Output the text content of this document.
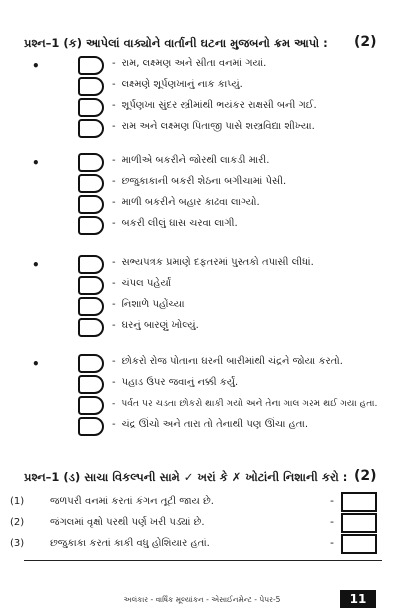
પ્રશ્ન–1 (ક) આપેલાં વાક્યોને વાર્તાની ઘટના મુજબનો ક્રમ આપો : (2)
•	- રામ, લક્ષ્મણ અને સીતા વનમાં ગયાં.
- લક્ષ્મણે શૂર્પણખાનું નાક કાપ્યું.
- શૂર્પણખા સુંદર સ્ત્રીમાંથી ભયંકર રાક્ષસી બની ગઈ.
- રામ અને લક્ષ્મણ પિતાજી પાસે શસ્ત્રવિદ્યા શીખ્યા.
•	- માળીએ બકરીને જોરથી લાકડી મારી.
- છજુકાકાની બકરી શેઠના બગીચામાં પેસી.
- માળી બકરીને બહાર કાઢવા લાગ્યો.
- બકરી લીલું ઘાસ ચરવા લાગી.
•	- સભ્યપત્રક પ્રમાણે દફતરમાં પુસ્તકો તપાસી લીધાં.
- ચંપલ પહેર્યાં
- નિશાળે પહોંચ્યા
- ઘરનું બારણું ખોલ્યું.
•	- છોકરો રોજ પોતાના ઘરની બારીમાંથી ચંદ્રને જોયા કરતો.
- પહાડ ઉપર જવાનું નક્કી કર્યું.
- પર્વત પર ચડતા છોકરો થાકી ગયો અને તેના ગાલ ગરમ થઈ ગયા હતા.
- ચંદ્ર ઊંચો અને તારા તો તેનાથી પણ ઊંચા હતા.
પ્રશ્ન–1 (ડ) સાચા વિકલ્પની સામે ✓ ખરાં કે ✗ ખોટાંની નિશાની કરો : (2)
(1)	જળપરી વનમાં કરતાં કંગન તૂટી જાય છે.	-
(2)	જંગલમાં વૃક્ષો પરથી પર્ણ ખરી પડ્યાં છે.	-
(3)	છજુકાકા કરતાં કાકી વધુ હોશિયાર હતાં.	-
અલંકાર - વાર્ષિક મૂલ્યાંકન - એસાઈનમેન્ટ - પેપર-5	11
